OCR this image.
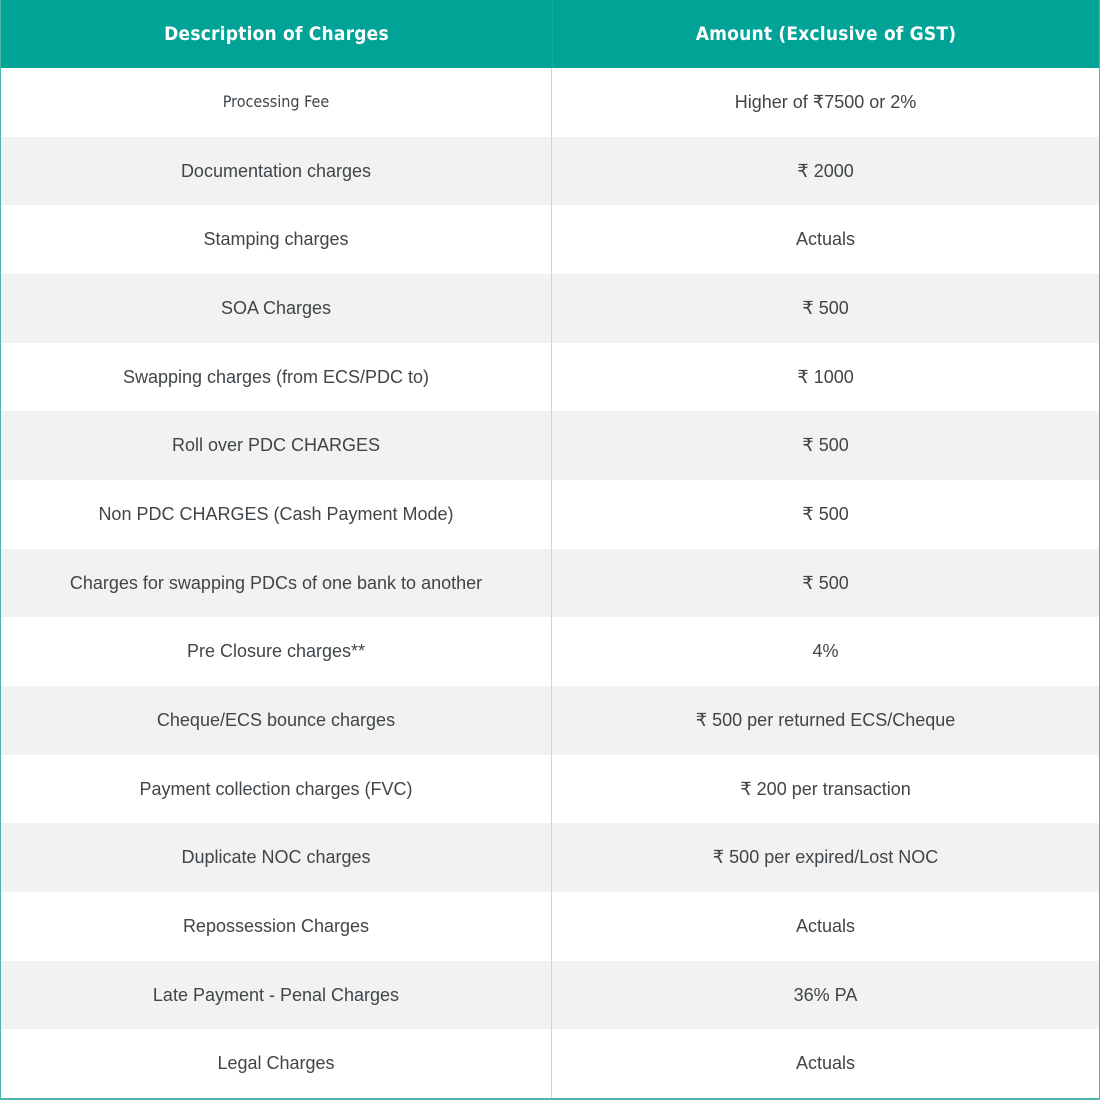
Description of Charges	Amount (Exclusive of GST)
Processing Fee	Higher of ₹7500 or 2%
Documentation charges	₹ 2000
Stamping charges	Actuals
SOA Charges	₹ 500
Swapping charges (from ECS/PDC to)	₹ 1000
Roll over PDC CHARGES	₹ 500
Non PDC CHARGES (Cash Payment Mode)	₹ 500
Charges for swapping PDCs of one bank to another	₹ 500
Pre Closure charges**	4%
Cheque/ECS bounce charges	₹ 500 per returned ECS/Cheque
Payment collection charges (FVC)	₹ 200 per transaction
Duplicate NOC charges	₹ 500 per expired/Lost NOC
Repossession Charges	Actuals
Late Payment - Penal Charges	36% PA
Legal Charges	Actuals
